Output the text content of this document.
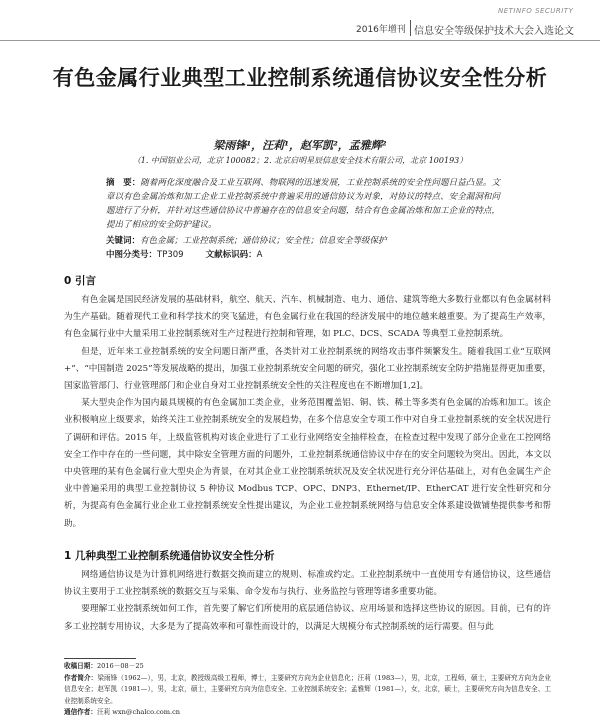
NETINFO SECURITY
2016年增刊 信息安全等级保护技术大会入选论文
有色金属行业典型工业控制系统通信协议安全性分析
梁雨锋¹，汪莉¹，赵军凯²，孟雅辉²
（1. 中国铝业公司，北京 100082；2. 北京启明星辰信息安全技术有限公司，北京 100193）
摘　要：随着两化深度融合及工业互联网、物联网的迅速发展，工业控制系统的安全性问题日益凸显。文章以有色金属冶炼和加工企业工业控制系统中普遍采用的通信协议为对象，对协议的特点、安全漏洞和问题进行了分析，并针对这些通信协议中普遍存在的信息安全问题，结合有色金属冶炼和加工企业的特点，提出了相应的安全防护建议。
关键词：有色金属；工业控制系统；通信协议；安全性；信息安全等级保护
中图分类号：TP309	文献标识码：A
0 引言

有色金属是国民经济发展的基础材料，航空、航天、汽车、机械制造、电力、通信、建筑等绝大多数行业都以有色金属材料为生产基础。随着现代工业和科学技术的突飞猛进，有色金属行业在我国的经济发展中的地位越来越重要。为了提高生产效率，有色金属行业中大量采用工业控制系统对生产过程进行控制和管理，如 PLC、DCS、SCADA 等典型工业控制系统。

但是，近年来工业控制系统的安全问题日渐严重，各类针对工业控制系统的网络攻击事件频繁发生。随着我国工业“互联网+”、“中国制造 2025”等发展战略的提出，加强工业控制系统安全问题的研究，强化工业控制系统安全防护措施显得更加重要，国家监管部门、行业管理部门和企业自身对工业控制系统安全性的关注程度也在不断增加[1,2]。

某大型央企作为国内最具规模的有色金属加工类企业，业务范围覆盖铝、铜、铁、稀土等多类有色金属的冶炼和加工。该企业积极响应上级要求，始终关注工业控制系统安全的发展趋势，在多个信息安全专项工作中对自身工业控制系统的安全状况进行了调研和评估。2015 年，上级监管机构对该企业进行了工业行业网络安全抽样检查，在检查过程中发现了部分企业在工控网络安全工作中存在的一些问题，其中除安全管理方面的问题外，工业控制系统通信协议中存在的安全问题较为突出。因此，本文以中央管理的某有色金属行业大型央企为背景，在对其企业工业控制系统状况及安全状况进行充分评估基础上，对有色金属生产企业中普遍采用的典型工业控制协议 5 种协议 Modbus TCP、OPC、DNP3、Ethernet/IP、EtherCAT 进行安全性研究和分析，为提高有色金属行业企业工业控制系统安全性提出建议，为企业工业控制系统网络与信息安全体系建设做铺垫提供参考和帮助。

1 几种典型工业控制系统通信协议安全性分析

网络通信协议是为计算机网络进行数据交换而建立的规则、标准或约定。工业控制系统中一直使用专有通信协议，这些通信协议主要用于工业控制系统的数据交互与采集、命令发布与执行、业务监控与管理等诸多重要功能。

要理解工业控制系统如何工作，首先要了解它们所使用的底层通信协议、应用场景和选择这些协议的原因。目前，已有的许多工业控制专用协议，大多是为了提高效率和可靠性而设计的，以满足大规模分布式控制系统的运行需要。但与此

收稿日期：2016－08－25
作者简介：梁雨锋（1962—），男，北京，教授级高级工程师，博士，主要研究方向为企业信息化；汪莉（1983—），男，北京，工程师，硕士，主要研究方向为企业信息安全；赵军凯（1981—），男，北京，硕士，主要研究方向为信息安全、工业控制系统安全；孟雅辉（1981—），女，北京，硕士，主要研究方向为信息安全、工业控制系统安全。
通信作者：汪莉 wxn@chalco.com.cn
